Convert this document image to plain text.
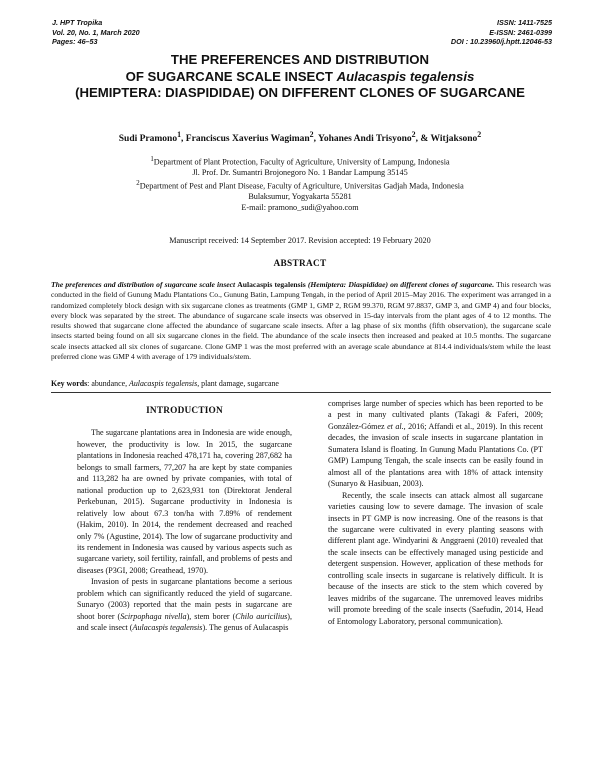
J. HPT Tropika
Vol. 20, No. 1, March 2020
Pages: 46–53
ISSN: 1411-7525
E-ISSN: 2461-0399
DOI : 10.23960/j.hptt.12046-53
THE PREFERENCES AND DISTRIBUTION
OF SUGARCANE SCALE INSECT Aulacaspis tegalensis
(HEMIPTERA: DIASPIDIDAE) ON DIFFERENT CLONES OF SUGARCANE
Sudi Pramono$^1$, Franciscus Xaverius Wagiman$^2$, Yohanes Andi Trisyono$^2$, & Witjaksono$^2$
$^1$Department of Plant Protection, Faculty of Agriculture, University of Lampung, Indonesia
Jl. Prof. Dr. Sumantri Brojonegoro No. 1 Bandar Lampung 35145
$^2$Department of Pest and Plant Disease, Faculty of Agriculture, Universitas Gadjah Mada, Indonesia
Bulaksumur, Yogyakarta 55281
E-mail: pramono_sudi@yahoo.com
Manuscript received: 14 September 2017. Revision accepted: 19 February 2020
ABSTRACT
The preferences and distribution of sugarcane scale insect Aulacaspis tegalensis (Hemiptera: Diaspididae) on different clones of sugarcane. This research was conducted in the field of Gunung Madu Plantations Co., Gunung Batin, Lampung Tengah, in the period of April 2015–May 2016. The experiment was arranged in a randomized completely block design with six sugarcane clones as treatments (GMP 1, GMP 2, RGM 99.370, RGM 97.8837, GMP 3, and GMP 4) and four blocks, every block was separated by the street. The abundance of sugarcane scale insects was observed in 15-day intervals from the plant ages of 4 to 12 months. The results showed that sugarcane clone affected the abundance of sugarcane scale insects. After a lag phase of six months (fifth observation), the sugarcane scale insects started being found on all six sugarcane clones in the field. The abundance of the scale insects then increased and peaked at 10.5 months. The sugarcane scale insects attacked all six clones of sugarcane. Clone GMP 1 was the most preferred with an average scale abundance at 814.4 individuals/stem while the least preferred clone was GMP 4 with average of 179 individuals/stem.
Key words: abundance, Aulacaspis tegalensis, plant damage, sugarcane
INTRODUCTION

The sugarcane plantations area in Indonesia are wide enough, however, the productivity is low. In 2015, the sugarcane plantations in Indonesia reached 478,171 ha, covering 287,682 ha belongs to small farmers, 77,207 ha are kept by state companies and 113,282 ha are owned by private companies, with total of national production up to 2,623,931 ton (Direktorat Jenderal Perkebunan, 2015). Sugarcane productivity in Indonesia is relatively low about 67.3 ton/ha with 7.89% of rendement (Hakim, 2010). In 2014, the rendement decreased and reached only 7% (Agustine, 2014). The low of sugarcane productivity and its rendement in Indonesia was caused by various aspects such as sugarcane variety, soil fertility, rainfall, and problems of pests and diseases (P3GI, 2008; Greathead, 1970).

Invasion of pests in sugarcane plantations become a serious problem which can significantly reduced the yield of sugarcane. Sunaryo (2003) reported that the main pests in sugarcane are shoot borer (Scirpophaga nivella), stem borer (Chilo auricilius), and scale insect (Aulacaspis tegalensis). The genus of Aulacaspis

comprises large number of species which has been reported to be a pest in many cultivated plants (Takagi & Faferi, 2009; González-Gómez et al., 2016; Affandi et al., 2019). In this recent decades, the invasion of scale insects in sugarcane plantation in Sumatera Island is floating. In Gunung Madu Plantations Co. (PT GMP) Lampung Tengah, the scale insects can be easily found in almost all of the plantations area with 18% of attack intensity (Sunaryo & Hasibuan, 2003).

Recently, the scale insects can attack almost all sugarcane varieties causing low to severe damage. The invasion of scale insects in PT GMP is now increasing. One of the reasons is that the sugarcane were cultivated in every planting seasons with different plant age. Windyarini & Anggraeni (2010) revealed that the scale insects can be effectively managed using pesticide and detergent suspension. However, application of these methods for controlling scale insects in sugarcane is relatively difficult. It is because of the insects are stick to the stem which covered by leaves midribs of the sugarcane. The unremoved leaves midribs will promote breeding of the scale insects (Saefudin, 2014, Head of Entomology Laboratory, personal communication).
